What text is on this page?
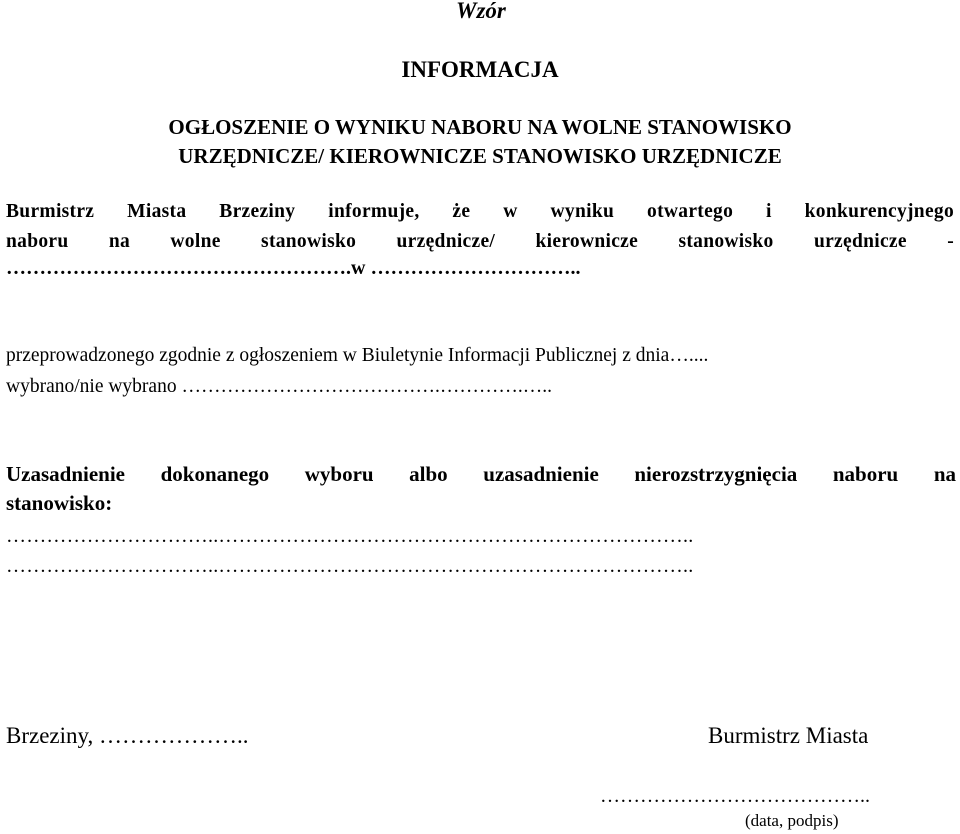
Wzór
INFORMACJA
OGŁOSZENIE O WYNIKU NABORU NA WOLNE STANOWISKO
URZĘDNICZE/ KIEROWNICZE STANOWISKO URZĘDNICZE
Burmistrz Miasta Brzeziny informuje, że w wyniku otwartego i konkurencyjnego
naboru na wolne stanowisko urzędnicze/ kierownicze stanowisko urzędnicze -
…………………………………………….w …………………………..
przeprowadzonego zgodnie z ogłoszeniem w Biuletynie Informacji Publicznej z dnia…....
wybrano/nie wybrano ………………………………….………….…..
Uzasadnienie dokonanego wyboru albo uzasadnienie nierozstrzygnięcia naboru na
stanowisko:
…………………………..……………………………………………………………..
…………………………..……………………………………………………………..
Brzeziny, ………………..	Burmistrz Miasta
…………………………………..
(data, podpis)
